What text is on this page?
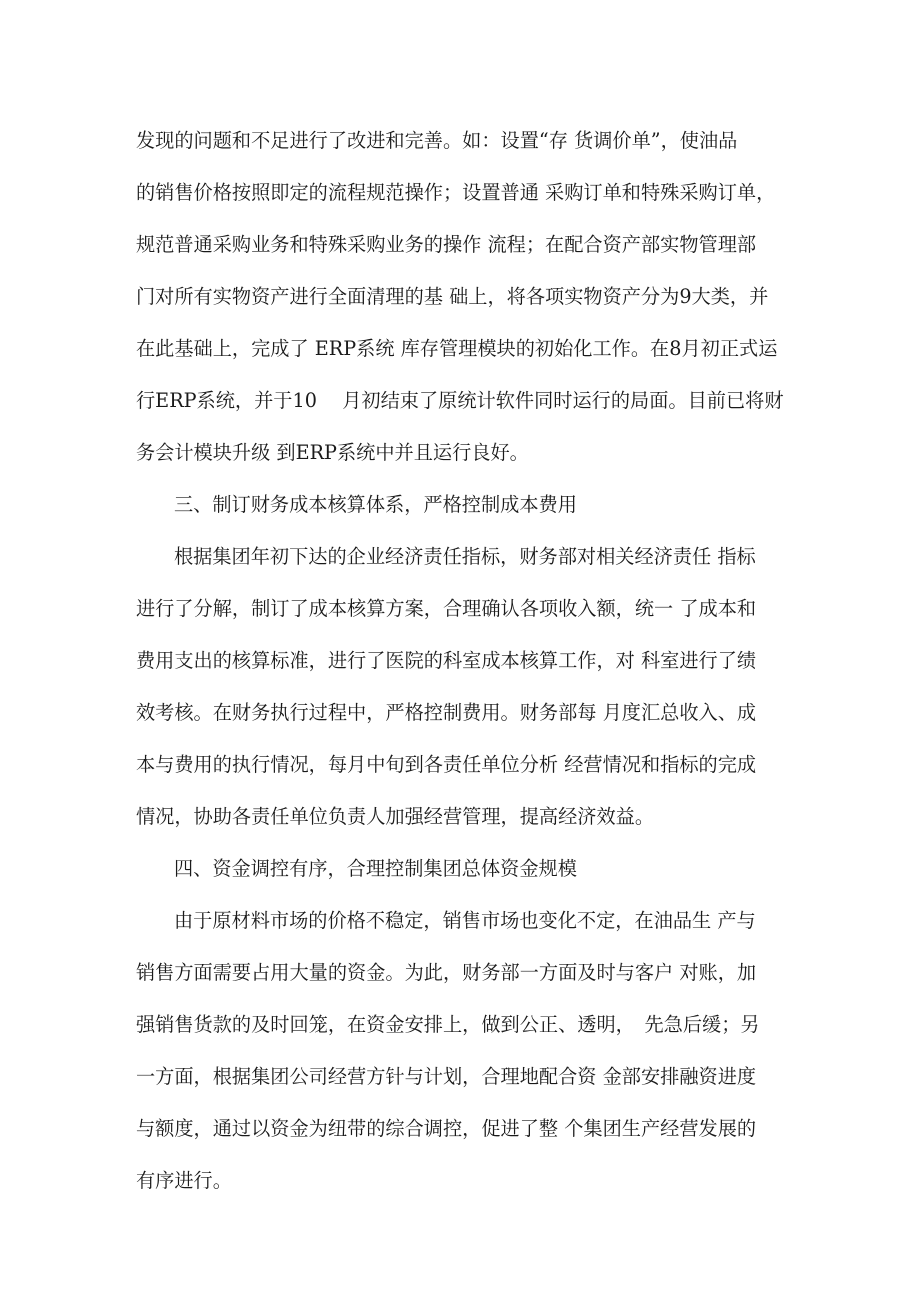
发现的问题和不足进行了改进和完善。如：设置“存 货调价单”，使油品
的销售价格按照即定的流程规范操作；设置普通 采购订单和特殊采购订单，
规范普通采购业务和特殊采购业务的操作 流程；在配合资产部实物管理部
门对所有实物资产进行全面清理的基 础上，将各项实物资产分为9大类，并
在此基础上，完成了 ERP系统 库存管理模块的初始化工作。在8月初正式运
行ERP系统，并于10　 月初结束了原统计软件同时运行的局面。目前已将财
务会计模块升级 到ERP系统中并且运行良好。
三、制订财务成本核算体系，严格控制成本费用
根据集团年初下达的企业经济责任指标，财务部对相关经济责任 指标
进行了分解，制订了成本核算方案，合理确认各项收入额，统一 了成本和
费用支出的核算标准，进行了医院的科室成本核算工作，对 科室进行了绩
效考核。在财务执行过程中，严格控制费用。财务部每 月度汇总收入、成
本与费用的执行情况，每月中旬到各责任单位分析 经营情况和指标的完成
情况，协助各责任单位负责人加强经营管理，提高经济效益。
四、资金调控有序，合理控制集团总体资金规模
由于原材料市场的价格不稳定，销售市场也变化不定，在油品生 产与
销售方面需要占用大量的资金。为此，财务部一方面及时与客户 对账，加
强销售货款的及时回笼，在资金安排上，做到公正、透明，　先急后缓；另
一方面，根据集团公司经营方针与计划，合理地配合资 金部安排融资进度
与额度，通过以资金为纽带的综合调控，促进了整 个集团生产经营发展的
有序进行。
